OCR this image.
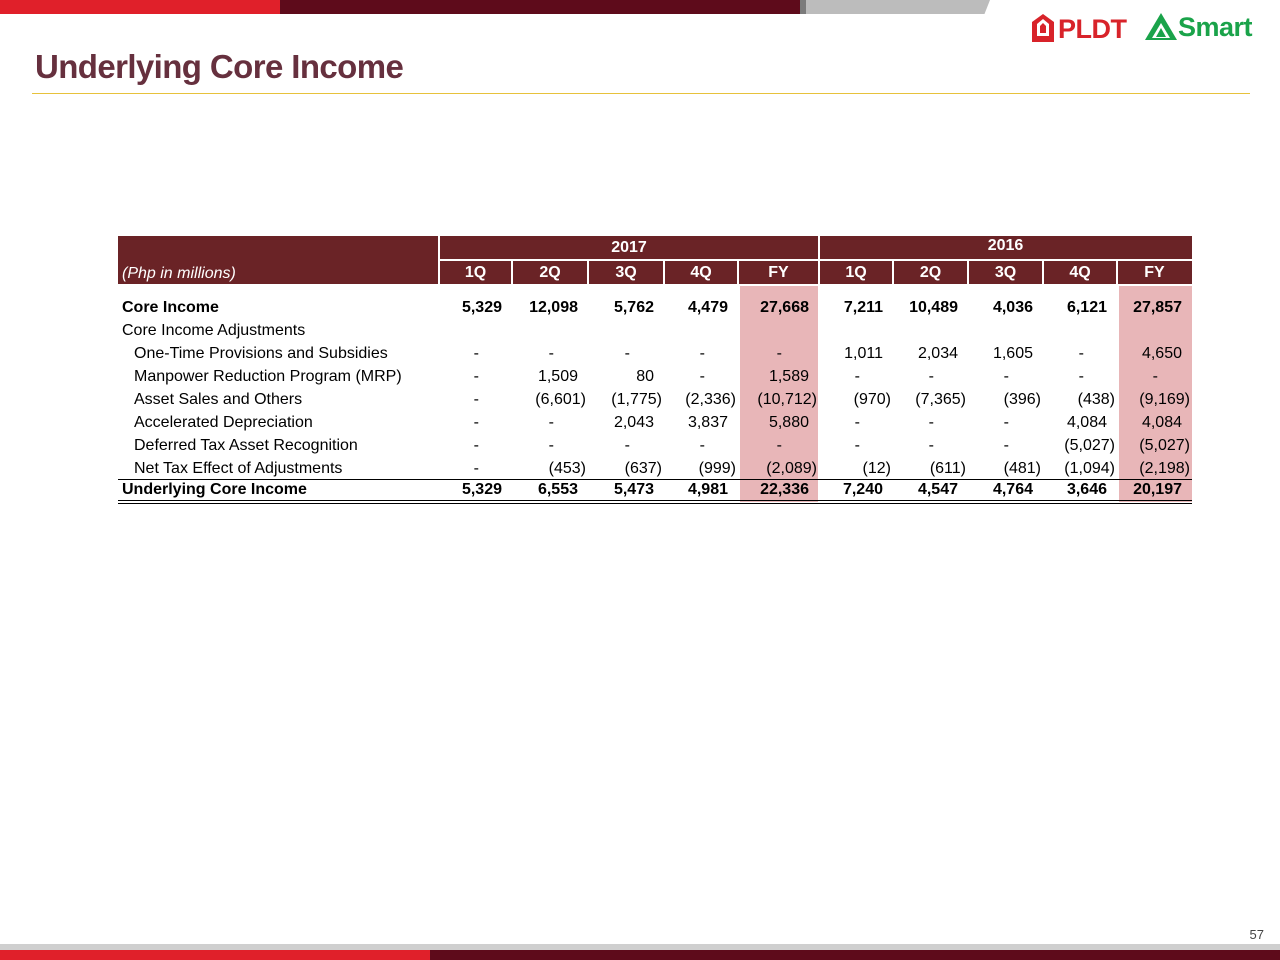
PLDT Smart
Underlying Core Income
(Php in millions)
2017	2016
1Q	2Q	3Q	4Q	FY	1Q	2Q	3Q	4Q	FY
Core Income	5,329	12,098	5,762	4,479	27,668	7,211	10,489	4,036	6,121	27,857
Core Income Adjustments
One-Time Provisions and Subsidies	-	-	-	-	-	1,011	2,034	1,605	-	4,650
Manpower Reduction Program (MRP)	-	1,509	80	-	1,589	-	-	-	-	-
Asset Sales and Others	-	(6,601)	(1,775)	(2,336)	(10,712)	(970)	(7,365)	(396)	(438)	(9,169)
Accelerated Depreciation	-	-	2,043	3,837	5,880	-	-	-	4,084	4,084
Deferred Tax Asset Recognition	-	-	-	-	-	-	-	-	(5,027)	(5,027)
Net Tax Effect of Adjustments	-	(453)	(637)	(999)	(2,089)	(12)	(611)	(481)	(1,094)	(2,198)
Underlying Core Income	5,329	6,553	5,473	4,981	22,336	7,240	4,547	4,764	3,646	20,197
57
